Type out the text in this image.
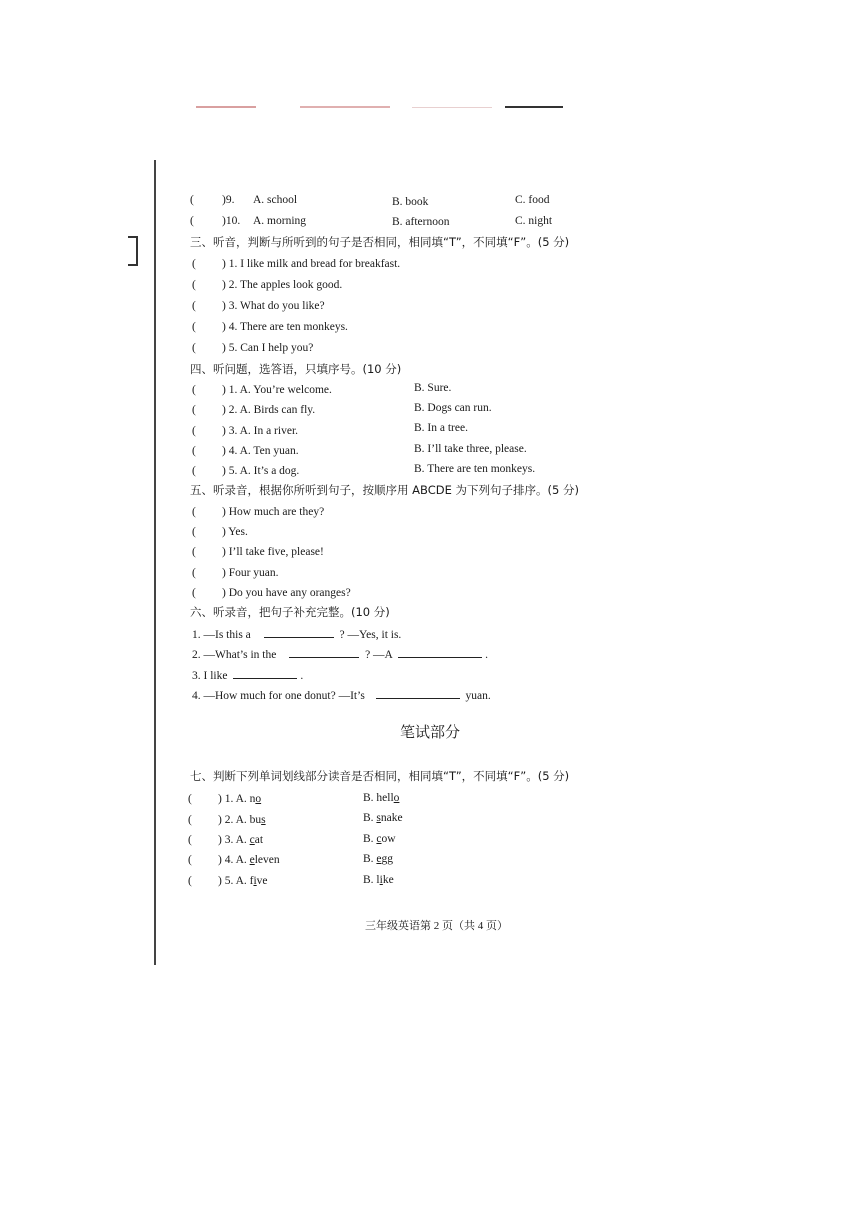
( )9. A. school	B. book	C. food
( )10. A. morning	B. afternoon	C. night
三、听音，判断与所听到的句子是否相同，相同填“T”，不同填“F”。(5 分)
( ) 1. I like milk and bread for breakfast.
( ) 2. The apples look good.
( ) 3. What do you like?
( ) 4. There are ten monkeys.
( ) 5. Can I help you?
四、听问题，选答语，只填序号。(10 分)
( ) 1. A. You’re welcome.	B. Sure.
( ) 2. A. Birds can fly.	B. Dogs can run.
( ) 3. A. In a river.	B. In a tree.
( ) 4. A. Ten yuan.	B. I’ll take three, please.
( ) 5. A. It’s a dog.	B. There are ten monkeys.
五、听录音，根据你所听到句子，按顺序用 ABCDE 为下列句子排序。(5 分)
( ) How much are they?
( ) Yes.
( ) I’ll take five, please!
( ) Four yuan.
( ) Do you have any oranges?
六、听录音，把句子补充完整。(10 分)
1. —Is this a	? —Yes, it is.
2. —What’s in the	? —A	.
3. I like	.
4. —How much for one donut? —It’s	yuan.
笔试部分
七、判断下列单词划线部分读音是否相同，相同填“T”，不同填“F”。(5 分)
( ) 1. A. no	B. hello
( ) 2. A. bus	B. snake
( ) 3. A. cat	B. cow
( ) 4. A. eleven	B. egg
( ) 5. A. five	B. like
三年级英语第 2 页（共 4 页）
